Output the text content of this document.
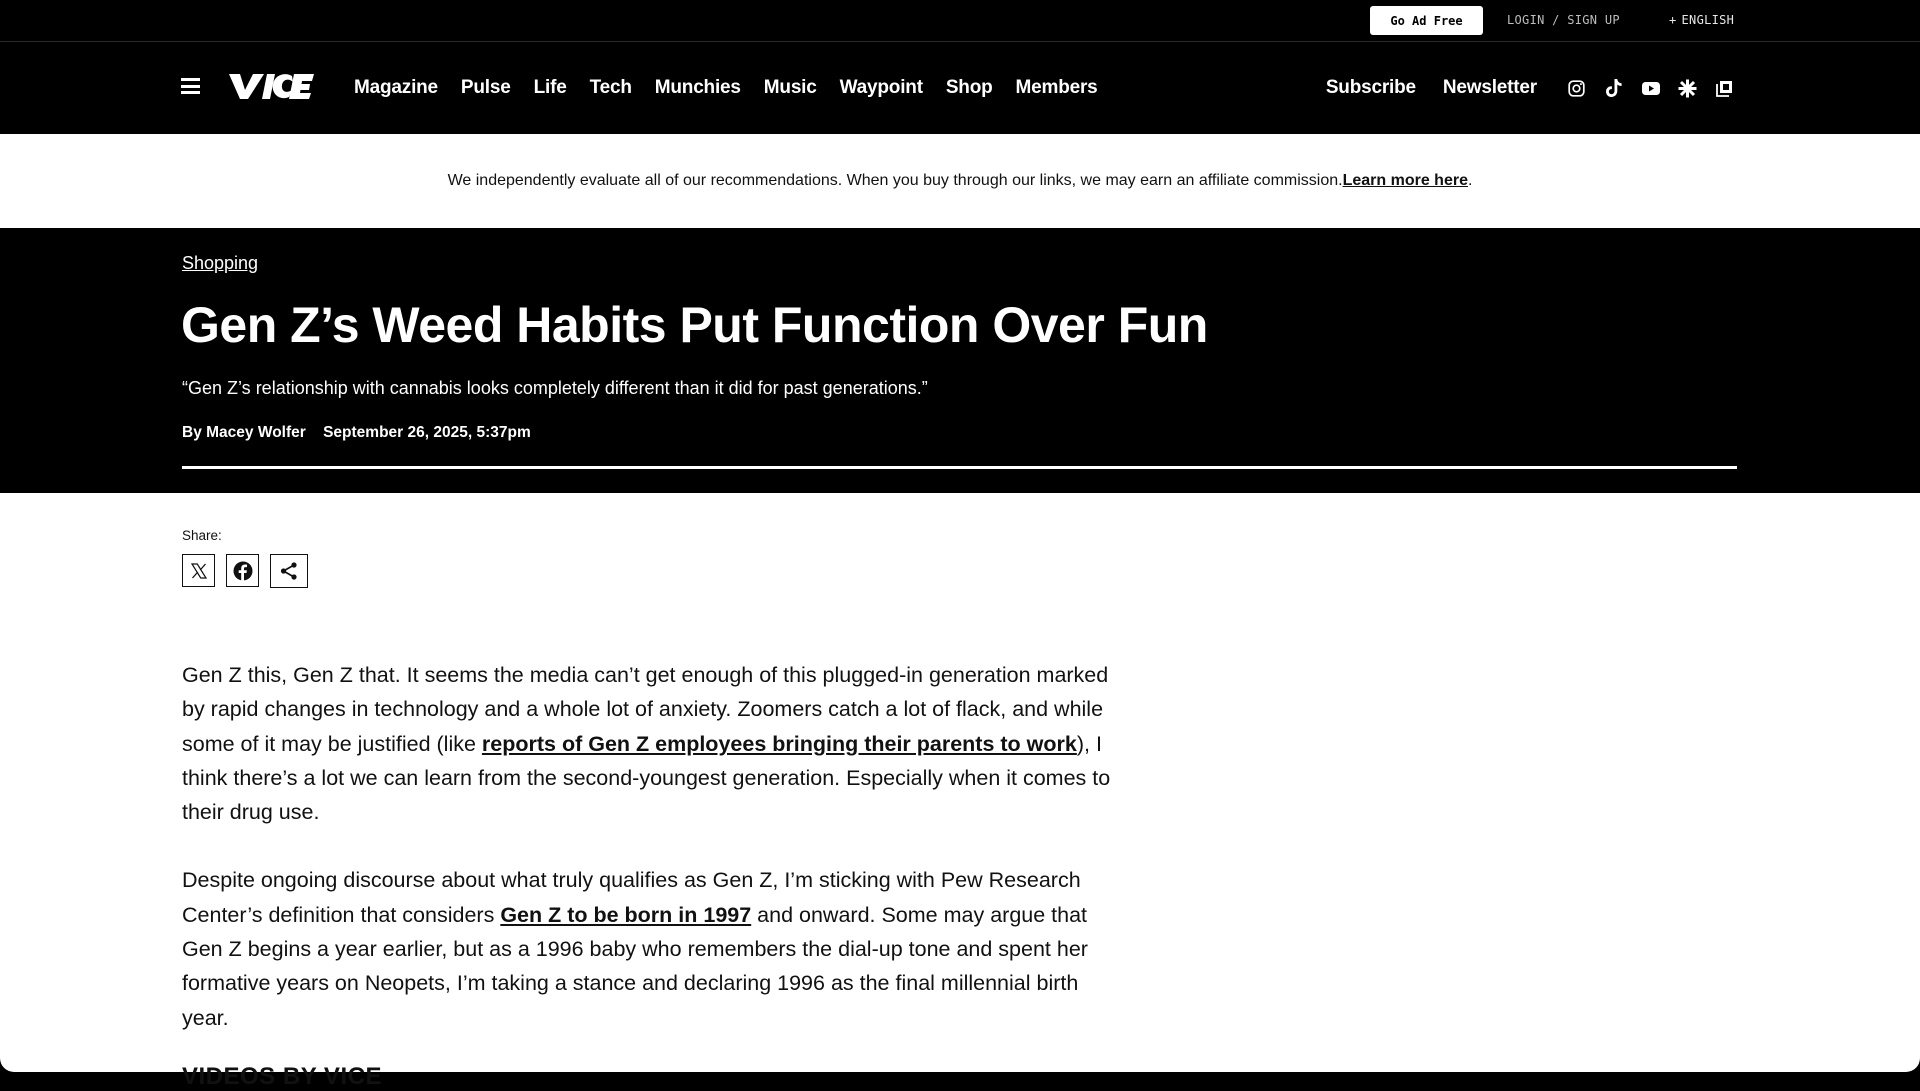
Go Ad Free	LOGIN / SIGN UP	+ ENGLISH
Magazine Pulse Life Tech Munchies Music Waypoint Shop Members	Subscribe Newsletter
We independently evaluate all of our recommendations. When you buy through our links, we may earn an affiliate commission. Learn more here .
Shopping
Gen Z’s Weed Habits Put Function Over Fun

“Gen Z’s relationship with cannabis looks completely different than it did for past generations.”

By Macey Wolfer September 26, 2025, 5:37pm
Share:

Gen Z this, Gen Z that. It seems the media can’t get enough of this plugged-in generation marked by rapid changes in technology and a whole lot of anxiety. Zoomers catch a lot of flack, and while some of it may be justified (like reports of Gen Z employees bringing their parents to work), I think there’s a lot we can learn from the second-youngest generation. Especially when it comes to their drug use.

Despite ongoing discourse about what truly qualifies as Gen Z, I’m sticking with Pew Research Center’s definition that considers Gen Z to be born in 1997 and onward. Some may argue that Gen Z begins a year earlier, but as a 1996 baby who remembers the dial-up tone and spent her formative years on Neopets, I’m taking a stance and declaring 1996 as the final millennial birth year.

VIDEOS BY VICE
